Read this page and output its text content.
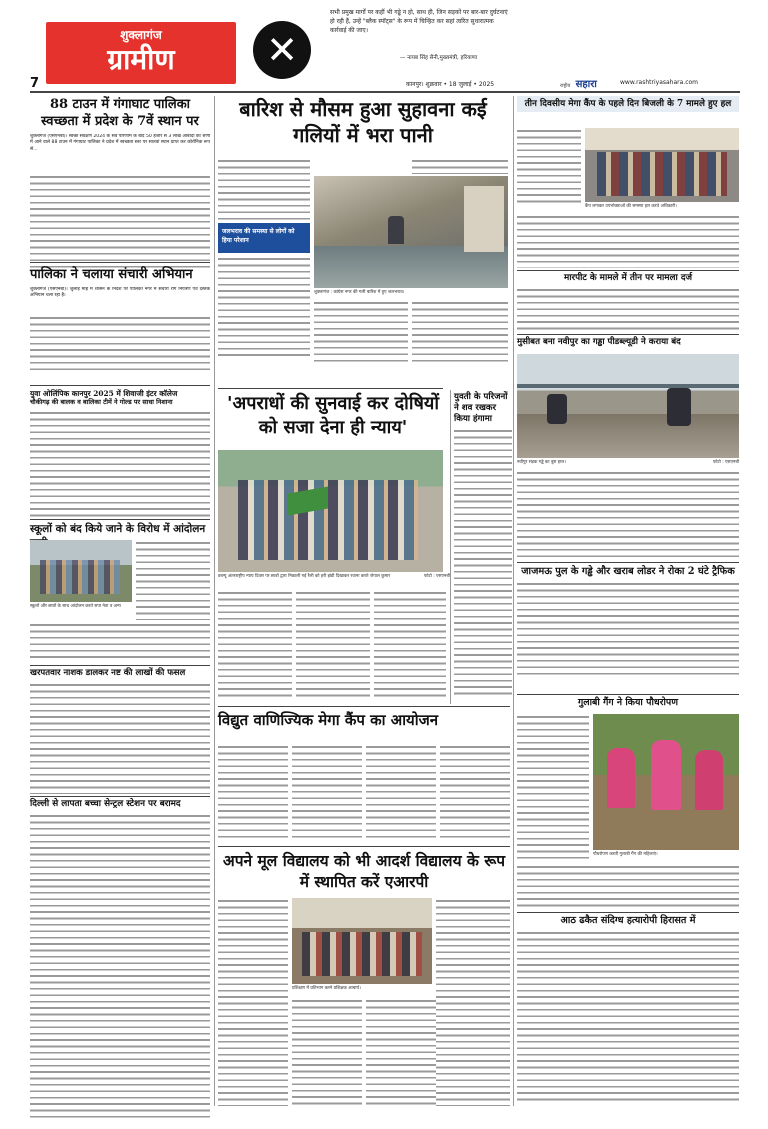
7
शुक्लागंज
ग्रामीण	✕
सभी प्रमुख मार्गों पर कहीं भी गड्ढे न हो, साथ ही, जिन सड़कों पर बार-बार दुर्घटनाएं हो रही हैं, उन्हें "ब्लैक स्पॉट्स" के रूप में चिन्हित कर सहां त्वरित सुधारात्मक कार्रवाई की जाए।
— नायब सिंह सैनी,मुख्यमंत्री, हरियाणा
कानपुर। शुक्रवार • 18 जुलाई • 2025	राष्ट्रीय सहारा	www.rashtriyasahara.com
88 टाउन में गंगाघाट पालिका स्वच्छता में प्रदेश के 7वें स्थान पर
शुक्लागंज (एसएनबी)। स्वच्छ सर्वेक्षण 2024 के सर्वे परिणाम के बाद 50 हजार से 3 लाख आबादी की श्रेणी में आने वाले 88 टाउन में गंगाघाट पालिका ने प्रदेश में स्वच्छता स्तर पर सातवां स्थान प्राप्त कर कोरोनिक रूप से...
पालिका ने चलाया संचारी अभियान
शुक्लागंज (एसएनबी)। जुलाई माह में शासन के निर्देश पर पालिका नगर में संचारी रोग नियंत्रण एवं दस्तक अभियान चला रहा है।
युवा ओलिंपिक कानपुर 2025 में शिवाजी इंटर कॉलेज
चौकीगढ़ की बालक व बालिका टीमें ने गोल्ड पर साधा निशाना
स्कूलों को बंद किये जाने के विरोध में आंदोलन
स्कूलों और छात्रों के साथ आंदोलन करते सपा नेता व अन्य
खरपतवार नाशक डालकर नष्ट की लाखों की फसल
दिल्ली से लापता बच्चा सेन्ट्रल स्टेशन पर बरामद
बारिश से मौसम हुआ सुहावना कई गलियों में भरा पानी
जलभराव की समस्या से लोगों को हिया परेशान
शुक्लागंज : कांग्रेस नगर की गली बारिश में हुए जलभराव।
'अपराधों की सुनवाई कर दोषियों को सजा देना ही न्याय'
डब्ल्यू अंतरराष्ट्रीय न्याय दिवस पर छात्रों द्वारा निकाली गई रैली को हरी झंडी दिखाकर रवाना करते जेपाल कुमार	फोटो : एसएनबी
युवती के परिजनों ने शव रखकर किया हंगामा
विद्युत वाणिज्यिक मेगा कैंप का आयोजन
अपने मूल विद्यालय को भी आदर्श विद्यालय के रूप में स्थापित करें एआरपी
प्रशिक्षण में प्रतिभाग करने प्रशिक्षक आचार्य।
तीन दिवसीय मेगा कैंप के पहले दिन बिजली के 7 मामले हुए हल
कैंप लगाकर उपभोक्ताओं की समस्या हल करते अधिकारी।
मारपीट के मामले में तीन पर मामला दर्ज
मुसीबत बना नवीपुर का गड्ढा पीडब्ल्यूडी ने कराया बंद
नवीपुर सड़क गड्ढे का बुरा हाल।	फोटो : एसएनबी
जाजमऊ पुल के गड्ढे और खराब लोडर ने रोका 2 घंटे ट्रैफिक
गुलाबी गैंग ने किया पौधरोपण
पौधरोपण करती गुलाबी गैंग की महिलाएं।
आठ ढकैत संदिग्ध हत्यारोपी हिरासत में
